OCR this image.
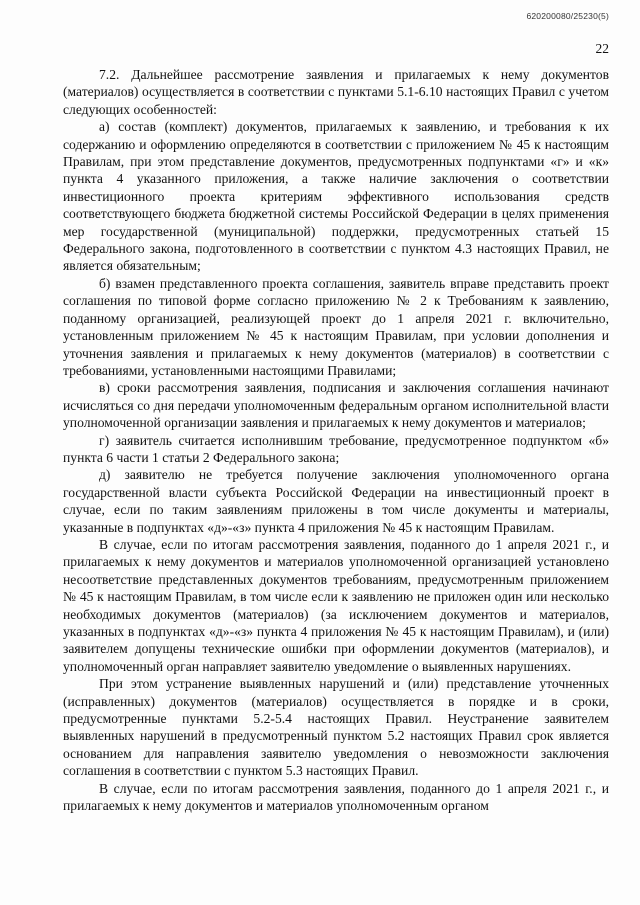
620200080/25230(5)
22

7.2. Дальнейшее рассмотрение заявления и прилагаемых к нему документов (материалов) осуществляется в соответствии с пунктами 5.1-6.10 настоящих Правил с учетом следующих особенностей:

а) состав (комплект) документов, прилагаемых к заявлению, и требования к их содержанию и оформлению определяются в соответствии с приложением № 45 к настоящим Правилам, при этом представление документов, предусмотренных подпунктами «г» и «к» пункта 4 указанного приложения, а также наличие заключения о соответствии инвестиционного проекта критериям эффективного использования средств соответствующего бюджета бюджетной системы Российской Федерации в целях применения мер государственной (муниципальной) поддержки, предусмотренных статьей 15 Федерального закона, подготовленного в соответствии с пунктом 4.3 настоящих Правил, не является обязательным;

б) взамен представленного проекта соглашения, заявитель вправе представить проект соглашения по типовой форме согласно приложению № 2 к Требованиям к заявлению, поданному организацией, реализующей проект до 1 апреля 2021 г. включительно, установленным приложением № 45 к настоящим Правилам, при условии дополнения и уточнения заявления и прилагаемых к нему документов (материалов) в соответствии с требованиями, установленными настоящими Правилами;

в) сроки рассмотрения заявления, подписания и заключения соглашения начинают исчисляться со дня передачи уполномоченным федеральным органом исполнительной власти уполномоченной организации заявления и прилагаемых к нему документов и материалов;

г) заявитель считается исполнившим требование, предусмотренное подпунктом «б» пункта 6 части 1 статьи 2 Федерального закона;

д) заявителю не требуется получение заключения уполномоченного органа государственной власти субъекта Российской Федерации на инвестиционный проект в случае, если по таким заявлениям приложены в том числе документы и материалы, указанные в подпунктах «д»-«з» пункта 4 приложения № 45 к настоящим Правилам.

В случае, если по итогам рассмотрения заявления, поданного до 1 апреля 2021 г., и прилагаемых к нему документов и материалов уполномоченной организацией установлено несоответствие представленных документов требованиям, предусмотренным приложением № 45 к настоящим Правилам, в том числе если к заявлению не приложен один или несколько необходимых документов (материалов) (за исключением документов и материалов, указанных в подпунктах «д»-«з» пункта 4 приложения № 45 к настоящим Правилам), и (или) заявителем допущены технические ошибки при оформлении документов (материалов), и уполномоченный орган направляет заявителю уведомление о выявленных нарушениях.

При этом устранение выявленных нарушений и (или) представление уточненных (исправленных) документов (материалов) осуществляется в порядке и в сроки, предусмотренные пунктами 5.2-5.4 настоящих Правил. Неустранение заявителем выявленных нарушений в предусмотренный пунктом 5.2 настоящих Правил срок является основанием для направления заявителю уведомления о невозможности заключения соглашения в соответствии с пунктом 5.3 настоящих Правил.

В случае, если по итогам рассмотрения заявления, поданного до 1 апреля 2021 г., и прилагаемых к нему документов и материалов уполномоченным органом
